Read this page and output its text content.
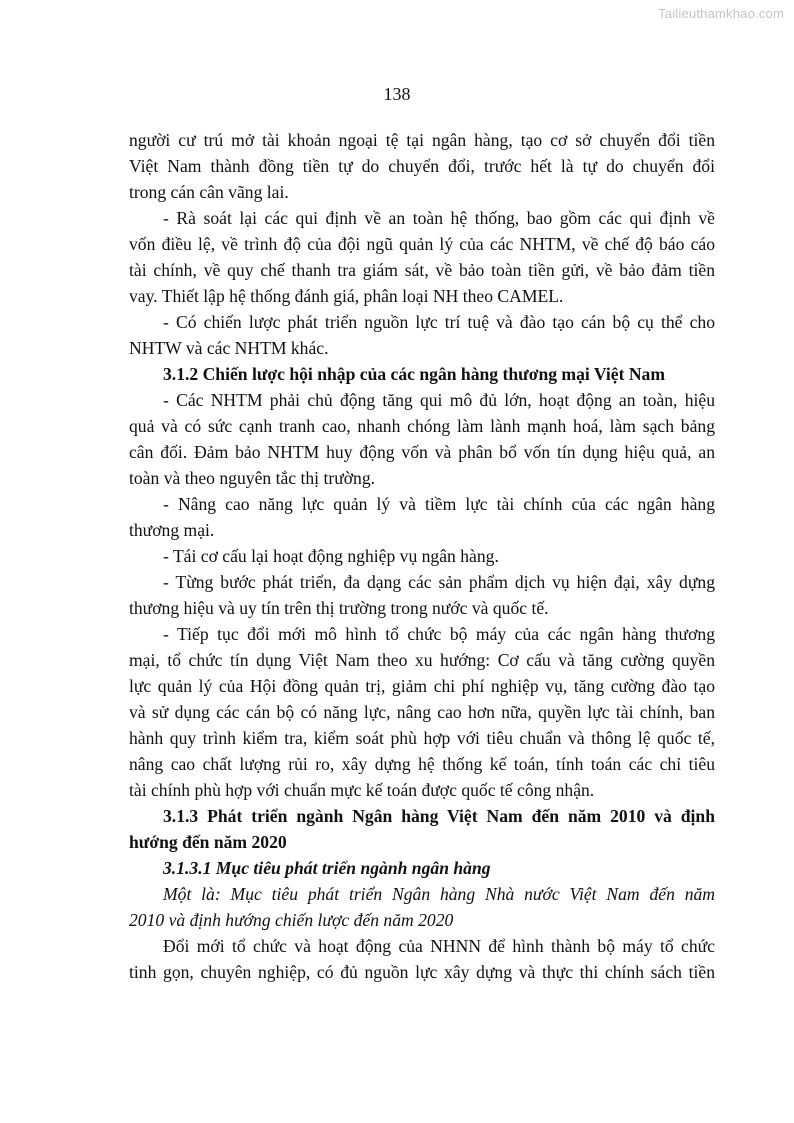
Tailieuthamkhao.com
138
người cư trú mở tài khoản ngoại tệ tại ngân hàng, tạo cơ sở chuyển đổi tiền
Việt Nam thành đồng tiền tự do chuyển đổi, trước hết là tự do chuyển đổi
trong cán cân vãng lai.
- Rà soát lại các qui định về an toàn hệ thống, bao gồm các qui định về
vốn điều lệ, về trình độ của đội ngũ quản lý của các NHTM, về chế độ báo cáo
tài chính, về quy chế thanh tra giám sát, về bảo toàn tiền gửi, về bảo đảm tiền
vay. Thiết lập hệ thống đánh giá, phân loại NH theo CAMEL.
- Có chiến lược phát triển nguồn lực trí tuệ và đào tạo cán bộ cụ thể cho
NHTW và các NHTM khác.
3.1.2 Chiến lược hội nhập của các ngân hàng thương mại Việt Nam
- Các NHTM phải chủ động tăng qui mô đủ lớn, hoạt động an toàn, hiệu
quả và có sức cạnh tranh cao, nhanh chóng làm lành mạnh hoá, làm sạch bảng
cân đối. Đảm bảo NHTM huy động vốn và phân bổ vốn tín dụng hiệu quả, an
toàn và theo nguyên tắc thị trường.
- Nâng cao năng lực quản lý và tiềm lực tài chính của các ngân hàng
thương mại.
- Tái cơ cấu lại hoạt động nghiệp vụ ngân hàng.
- Từng bước phát triển, đa dạng các sản phẩm dịch vụ hiện đại, xây dựng
thương hiệu và uy tín trên thị trường trong nước và quốc tế.
- Tiếp tục đổi mới mô hình tổ chức bộ máy của các ngân hàng thương
mại, tổ chức tín dụng Việt Nam theo xu hướng: Cơ cấu và tăng cường quyền
lực quản lý của Hội đồng quản trị, giảm chi phí nghiệp vụ, tăng cường đào tạo
và sử dụng các cán bộ có năng lực, nâng cao hơn nữa, quyền lực tài chính, ban
hành quy trình kiểm tra, kiểm soát phù hợp với tiêu chuẩn và thông lệ quốc tế,
nâng cao chất lượng rủi ro, xây dựng hệ thống kế toán, tính toán các chỉ tiêu
tài chính phù hợp với chuẩn mực kế toán được quốc tế công nhận.
3.1.3 Phát triển ngành Ngân hàng Việt Nam đến năm 2010 và định
hướng đến năm 2020
3.1.3.1 Mục tiêu phát triển ngành ngân hàng
Một là: Mục tiêu phát triển Ngân hàng Nhà nước Việt Nam đến năm
2010 và định hướng chiến lược đến năm 2020
Đổi mới tổ chức và hoạt động của NHNN để hình thành bộ máy tổ chức
tinh gọn, chuyên nghiệp, có đủ nguồn lực xây dựng và thực thi chính sách tiền
